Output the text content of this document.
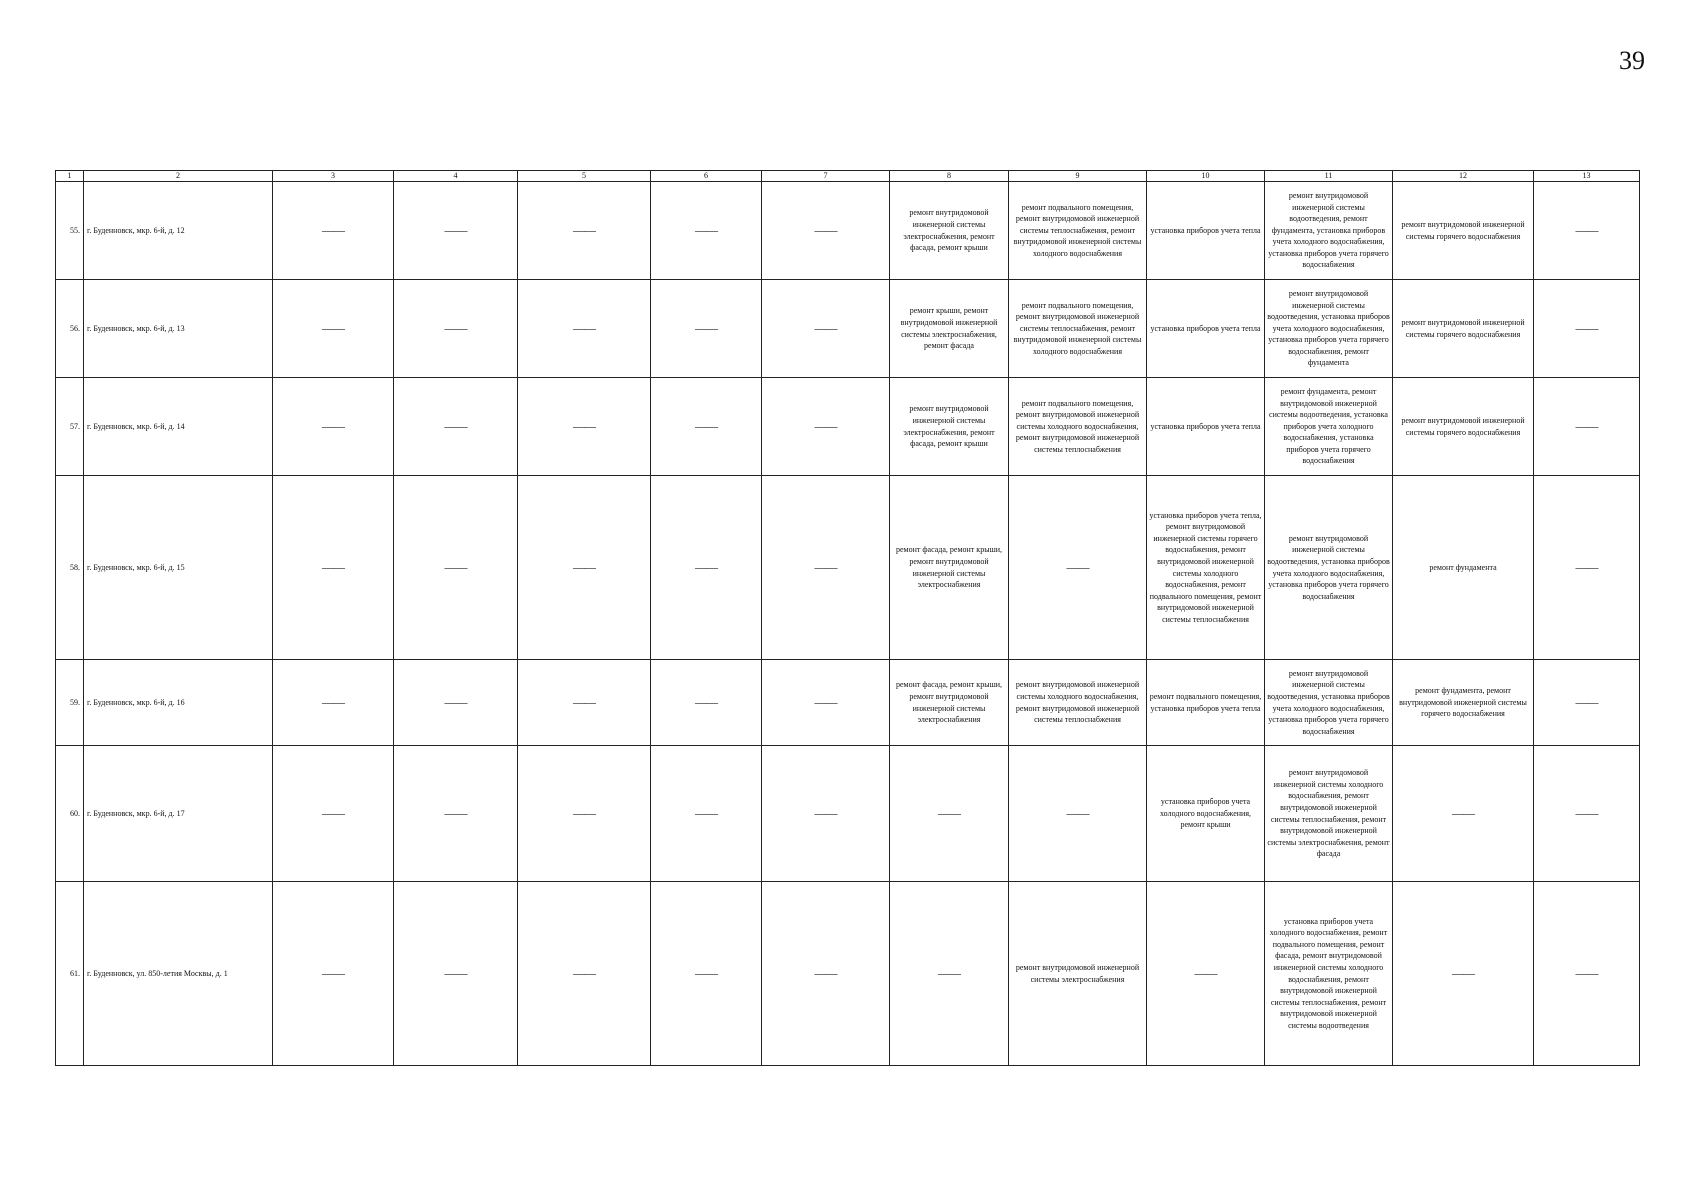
39
1	2	3	4	5	6	7	8	9	10	11	12	13
55.	г. Буденновск, мкр. 6-й, д. 12	——	——	——	——	——	ремонт внутридомовой инженерной системы электроснабжения, ремонт фасада, ремонт крыши	ремонт подвального помещения, ремонт внутридомовой инженерной системы теплоснабжения, ремонт внутридомовой инженерной системы холодного водоснабжения	установка приборов учета тепла	ремонт внутридомовой инженерной системы водоотведения, ремонт фундамента, установка приборов учета холодного водоснабжения, установка приборов учета горячего водоснабжения	ремонт внутридомовой инженерной системы горячего водоснабжения	——
56.	г. Буденновск, мкр. 6-й, д. 13	——	——	——	——	——	ремонт крыши, ремонт внутридомовой инженерной системы электроснабжения, ремонт фасада	ремонт подвального помещения, ремонт внутридомовой инженерной системы теплоснабжения, ремонт внутридомовой инженерной системы холодного водоснабжения	установка приборов учета тепла	ремонт внутридомовой инженерной системы водоотведения, установка приборов учета холодного водоснабжения, установка приборов учета горячего водоснабжения, ремонт фундамента	ремонт внутридомовой инженерной системы горячего водоснабжения	——
57.	г. Буденновск, мкр. 6-й, д. 14	——	——	——	——	——	ремонт внутридомовой инженерной системы электроснабжения, ремонт фасада, ремонт крыши	ремонт подвального помещения, ремонт внутридомовой инженерной системы холодного водоснабжения, ремонт внутридомовой инженерной системы теплоснабжения	установка приборов учета тепла	ремонт фундамента, ремонт внутридомовой инженерной системы водоотведения, установка приборов учета холодного водоснабжения, установка приборов учета горячего водоснабжения	ремонт внутридомовой инженерной системы горячего водоснабжения	——
58.	г. Буденновск, мкр. 6-й, д. 15	——	——	——	——	——	ремонт фасада, ремонт крыши, ремонт внутридомовой инженерной системы электроснабжения	——	установка приборов учета тепла, ремонт внутридомовой инженерной системы горячего водоснабжения, ремонт внутридомовой инженерной системы холодного водоснабжения, ремонт подвального помещения, ремонт внутридомовой инженерной системы теплоснабжения	ремонт внутридомовой инженерной системы водоотведения, установка приборов учета холодного водоснабжения, установка приборов учета горячего водоснабжения	ремонт фундамента	——
59.	г. Буденновск, мкр. 6-й, д. 16	——	——	——	——	——	ремонт фасада, ремонт крыши, ремонт внутридомовой инженерной системы электроснабжения	ремонт внутридомовой инженерной системы холодного водоснабжения, ремонт внутридомовой инженерной системы теплоснабжения	ремонт подвального помещения, установка приборов учета тепла	ремонт внутридомовой инженерной системы водоотведения, установка приборов учета холодного водоснабжения, установка приборов учета горячего водоснабжения	ремонт фундамента, ремонт внутридомовой инженерной системы горячего водоснабжения	——
60.	г. Буденновск, мкр. 6-й, д. 17	——	——	——	——	——	——	——	установка приборов учета холодного водоснабжения, ремонт крыши	ремонт внутридомовой инженерной системы холодного водоснабжения, ремонт внутридомовой инженерной системы теплоснабжения, ремонт внутридомовой инженерной системы электроснабжения, ремонт фасада	——	——
61.	г. Буденновск, ул. 850-летия Москвы, д. 1	——	——	——	——	——	——	ремонт внутридомовой инженерной системы электроснабжения	——	установка приборов учета холодного водоснабжения, ремонт подвального помещения, ремонт фасада, ремонт внутридомовой инженерной системы холодного водоснабжения, ремонт внутридомовой инженерной системы теплоснабжения, ремонт внутридомовой инженерной системы водоотведения	——	——
